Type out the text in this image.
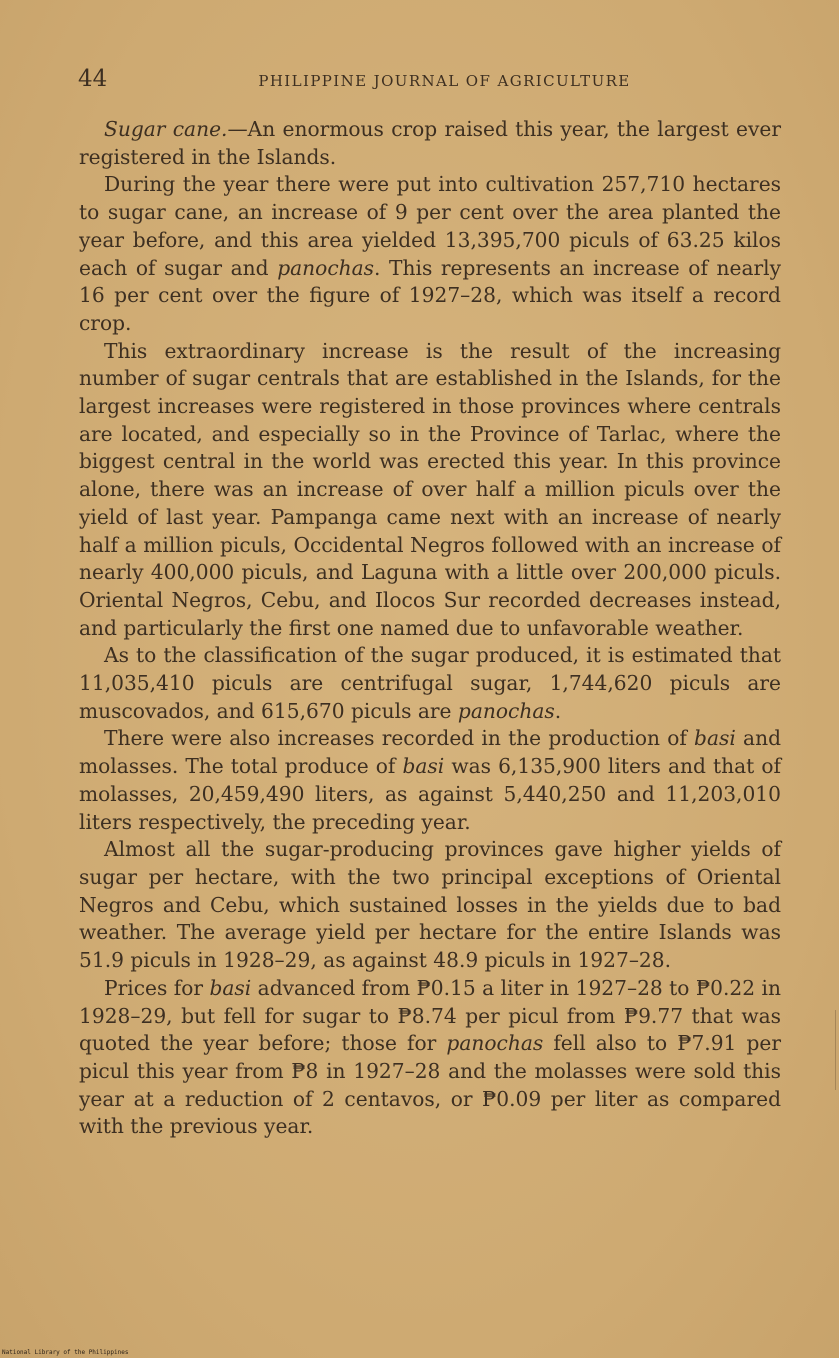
44	PHILIPPINE JOURNAL OF AGRICULTURE

Sugar cane.—An enormous crop raised this year, the largest ever registered in the Islands.

During the year there were put into cultivation 257,710 hectares to sugar cane, an increase of 9 per cent over the area planted the year before, and this area yielded 13,395,700 piculs of 63.25 kilos each of sugar and panochas. This represents an increase of nearly 16 per cent over the figure of 1927–28, which was itself a record crop.

This extraordinary increase is the result of the increasing number of sugar centrals that are established in the Islands, for the largest increases were registered in those provinces where centrals are located, and especially so in the Province of Tarlac, where the biggest central in the world was erected this year. In this province alone, there was an increase of over half a million piculs over the yield of last year. Pampanga came next with an increase of nearly half a million piculs, Occidental Negros followed with an increase of nearly 400,000 piculs, and Laguna with a little over 200,000 piculs. Oriental Negros, Cebu, and Ilocos Sur recorded decreases instead, and particularly the first one named due to unfavorable weather.

As to the classification of the sugar produced, it is estimated that 11,035,410 piculs are centrifugal sugar, 1,744,620 piculs are muscovados, and 615,670 piculs are panochas.

There were also increases recorded in the production of basi and molasses. The total produce of basi was 6,135,900 liters and that of molasses, 20,459,490 liters, as against 5,440,250 and 11,203,010 liters respectively, the preceding year.

Almost all the sugar-producing provinces gave higher yields of sugar per hectare, with the two principal exceptions of Oriental Negros and Cebu, which sustained losses in the yields due to bad weather. The average yield per hectare for the entire Islands was 51.9 piculs in 1928–29, as against 48.9 piculs in 1927–28.

Prices for basi advanced from ₱0.15 a liter in 1927–28 to ₱0.22 in 1928–29, but fell for sugar to ₱8.74 per picul from ₱9.77 that was quoted the year before; those for panochas fell also to ₱7.91 per picul this year from ₱8 in 1927–28 and the molasses were sold this year at a reduction of 2 centavos, or ₱0.09 per liter as compared with the previous year.

National Library of the Philippines
